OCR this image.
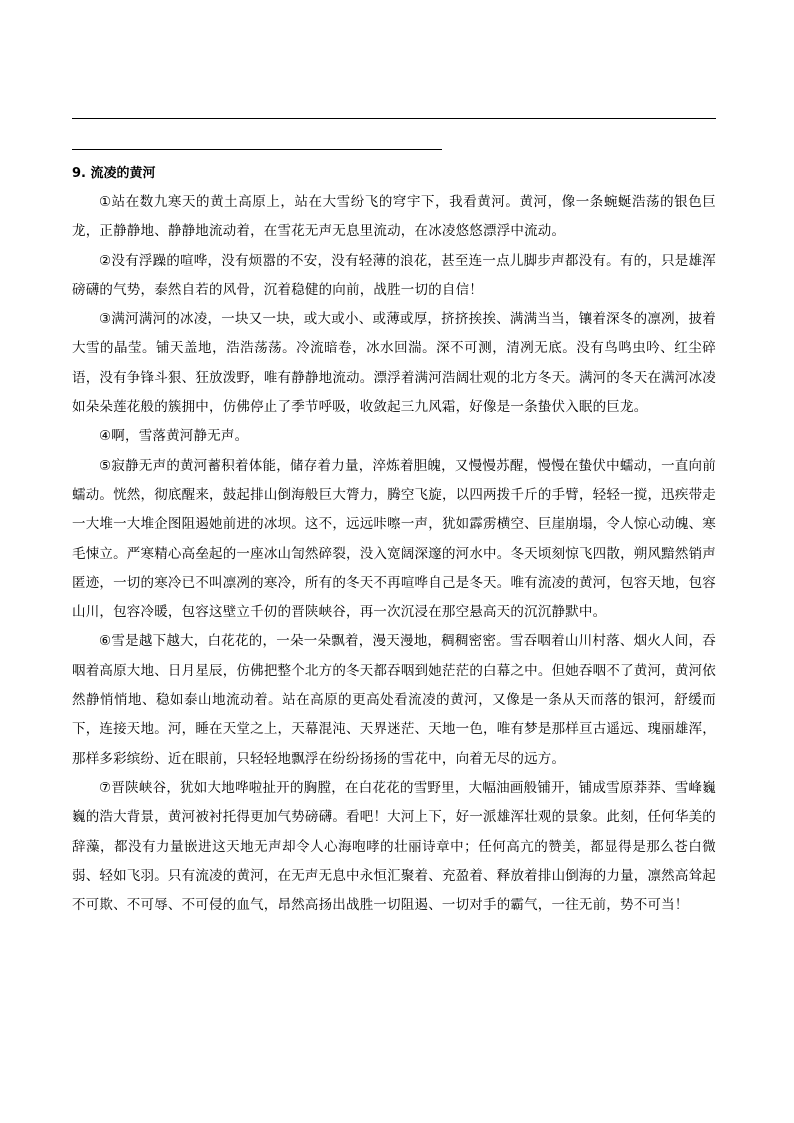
9. 流凌的黄河

①站在数九寒天的黄土高原上，站在大雪纷飞的穹宇下，我看黄河。黄河，像一条蜿蜒浩荡的银色巨龙，正静静地、静静地流动着，在雪花无声无息里流动，在冰凌悠悠漂浮中流动。

②没有浮躁的喧哗，没有烦嚣的不安，没有轻薄的浪花，甚至连一点儿脚步声都没有。有的，只是雄浑磅礴的气势，泰然自若的风骨，沉着稳健的向前，战胜一切的自信！

③满河满河的冰凌，一块又一块，或大或小、或薄或厚，挤挤挨挨、满满当当，镶着深冬的凛冽，披着大雪的晶莹。铺天盖地，浩浩荡荡。冷流暗卷，冰水回湍。深不可测，清冽无底。没有鸟鸣虫吟、红尘碎语，没有争锋斗狠、狂放泼野，唯有静静地流动。漂浮着满河浩阔壮观的北方冬天。满河的冬天在满河冰凌如朵朵莲花般的簇拥中，仿佛停止了季节呼吸，收敛起三九风霜，好像是一条蛰伏入眠的巨龙。

④啊，雪落黄河静无声。

⑤寂静无声的黄河蓄积着体能，储存着力量，淬炼着胆魄，又慢慢苏醒，慢慢在蛰伏中蠕动，一直向前蠕动。恍然，彻底醒来，鼓起排山倒海般巨大膂力，腾空飞旋，以四两拨千斤的手臂，轻轻一搅，迅疾带走一大堆一大堆企图阻遏她前进的冰坝。这不，远远咔嚓一声，犹如霹雳横空、巨崖崩塌，令人惊心动魄、寒毛悚立。严寒精心高垒起的一座冰山訇然碎裂，没入宽阔深邃的河水中。冬天顷刻惊飞四散，朔风黯然销声匿迹，一切的寒冷已不叫凛冽的寒冷，所有的冬天不再喧哗自己是冬天。唯有流凌的黄河，包容天地，包容山川，包容冷暖，包容这壁立千仞的晋陕峡谷，再一次沉浸在那空悬高天的沉沉静默中。

⑥雪是越下越大，白花花的，一朵一朵飘着，漫天漫地，稠稠密密。雪吞咽着山川村落、烟火人间，吞咽着高原大地、日月星辰，仿佛把整个北方的冬天都吞咽到她茫茫的白幕之中。但她吞咽不了黄河，黄河依然静悄悄地、稳如泰山地流动着。站在高原的更高处看流凌的黄河，又像是一条从天而落的银河，舒缓而下，连接天地。河，睡在天堂之上，天幕混沌、天界迷茫、天地一色，唯有梦是那样亘古遥远、瑰丽雄浑，那样多彩缤纷、近在眼前，只轻轻地飘浮在纷纷扬扬的雪花中，向着无尽的远方。

⑦晋陕峡谷，犹如大地哗啦扯开的胸膛，在白花花的雪野里，大幅油画般铺开，铺成雪原莽莽、雪峰巍巍的浩大背景，黄河被衬托得更加气势磅礴。看吧！大河上下，好一派雄浑壮观的景象。此刻，任何华美的辞藻，都没有力量嵌进这天地无声却令人心海咆哮的壮丽诗章中；任何高亢的赞美，都显得是那么苍白微弱、轻如飞羽。只有流凌的黄河，在无声无息中永恒汇聚着、充盈着、释放着排山倒海的力量，凛然高耸起不可欺、不可辱、不可侵的血气，昂然高扬出战胜一切阻遏、一切对手的霸气，一往无前，势不可当！
